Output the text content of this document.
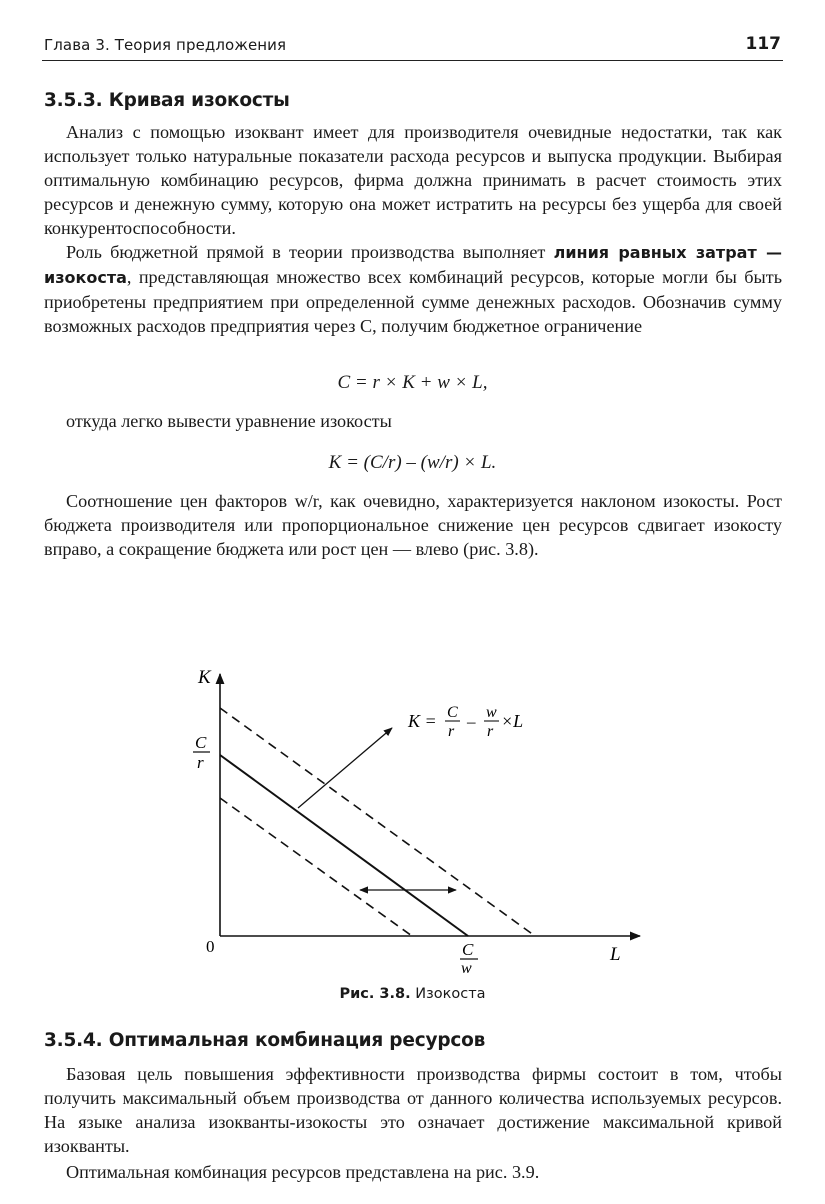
Глава 3. Теория предложения	117
3.5.3. Кривая изокосты

Анализ с помощью изоквант имеет для производителя очевидные недостатки, так как использует только натуральные показатели расхода ресурсов и выпуска продукции. Выбирая оптимальную комбинацию ресурсов, фирма должна принимать в расчет стоимость этих ресурсов и денежную сумму, которую она может истратить на ресурсы без ущерба для своей конкурентоспособности.

Роль бюджетной прямой в теории производства выполняет линия равных затрат — изокоста, представляющая множество всех комбинаций ресурсов, которые могли бы быть приобретены предприятием при определенной сумме денежных расходов. Обозначив сумму возможных расходов предприятия через C, получим бюджетное ограничение

C = r × K + w × L,

откуда легко вывести уравнение изокосты

K = (C/r) – (w/r) × L.

Соотношение цен факторов w/r, как очевидно, характеризуется наклоном изокосты. Рост бюджета производителя или пропорциональное снижение цен ресурсов сдвигает изокосту вправо, а сокращение бюджета или рост цен — влево (рис. 3.8).

K
L
0
C
r
C
w
K = C
r
– w
r
×L
Рис. 3.8. Изокоста
3.5.4. Оптимальная комбинация ресурсов

Базовая цель повышения эффективности производства фирмы состоит в том, чтобы получить максимальный объем производства от данного количества используемых ресурсов. На языке анализа изокванты-изокосты это означает достижение максимальной кривой изокванты.

Оптимальная комбинация ресурсов представлена на рис. 3.9.
